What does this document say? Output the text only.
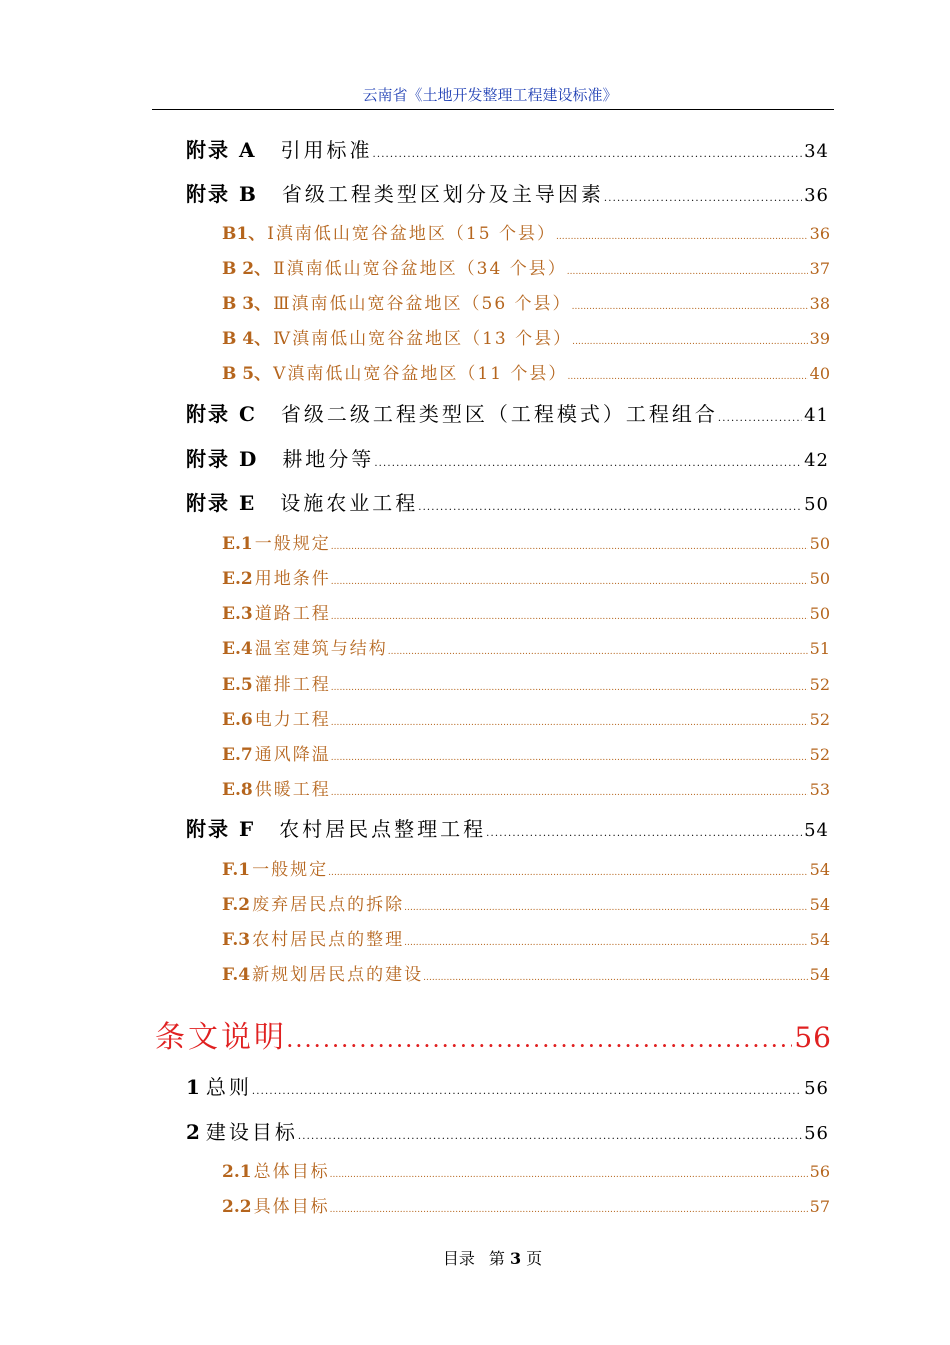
云南省《土地开发整理工程建设标准》
附录 A 引用标准 . . .	34
附录 B 省级工程类型区划分及主导因素 . . .	36
B1、 Ⅰ滇南低山宽谷盆地区（15 个县） . . .	36
B 2、 Ⅱ滇南低山宽谷盆地区（34 个县） . . .	37
B 3、 Ⅲ滇南低山宽谷盆地区（56 个县） . . .	38
B 4、 Ⅳ滇南低山宽谷盆地区（13 个县） . . .	39
B 5、 Ⅴ滇南低山宽谷盆地区（11 个县） . . .	40
附录 C 省级二级工程类型区（工程模式）工程组合 . . .	41
附录 D 耕地分等 . . .	42
附录 E 设施农业工程 . . .	50
E.1 一般规定 . . .	50
E.2 用地条件 . . .	50
E.3 道路工程 . . .	50
E.4 温室建筑与结构 . . .	51
E.5 灌排工程 . . .	52
E.6 电力工程 . . .	52
E.7 通风降温 . . .	52
E.8 供暖工程 . . .	53
附录 F 农村居民点整理工程 . . .	54
F.1 一般规定 . . .	54
F.2 废弃居民点的拆除 . . .	54
F.3 农村居民点的整理 . . .	54
F.4 新规划居民点的建设 . . .	54
条文说明 . . .	56
1 总则 . . .	56
2 建设目标 . . .	56
2.1 总体目标 . . .	56
2.2 具体目标 . . .	57
目录 第 3 页
